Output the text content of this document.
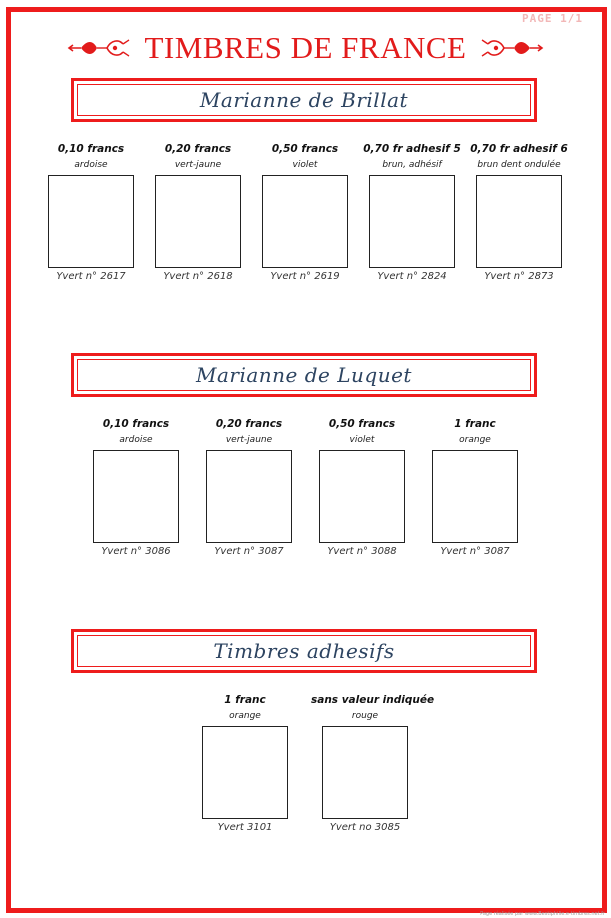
PAGE 1/1
TIMBRES DE FRANCE
Marianne de Brillat
0,10 francs
ardoise
Yvert n° 2617
0,20 francs
vert-jaune
Yvert n° 2618
0,50 francs
violet
Yvert n° 2619
0,70 fr adhesif 5
brun, adhésif
Yvert n° 2824
0,70 fr adhesif 6
brun dent ondulée
Yvert n° 2873
Marianne de Luquet
0,10 francs
ardoise
Yvert n° 3086
0,20 francs
vert-jaune
Yvert n° 3087
0,50 francs
violet
Yvert n° 3088
1 franc
orange
Yvert n° 3087
Timbres adhesifs
1 franc
orange
Yvert 3101
sans valeur indiquée
rouge
Yvert no 3085
Page réalisée par www.Bestiphilie.e-timbres.net.fr
